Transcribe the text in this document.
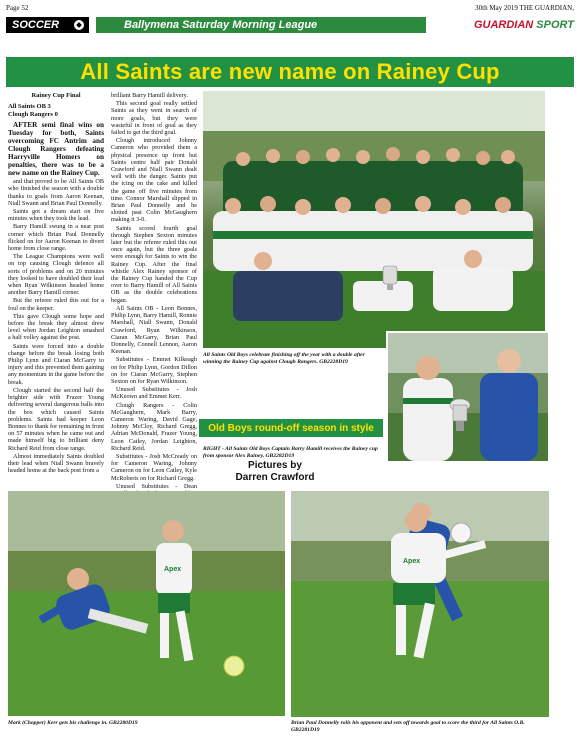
Page 52	30th May 2019 THE GUARDIAN,
SOCCER	Ballymena Saturday Morning League	GUARDIAN SPORT
All Saints are new name on Rainey Cup

Rainey Cup Final

All Saints OB 3
Clough Rangers 0

AFTER semi final wins on Tuesday for both, Saints overcoming FC Antrim and Clough Rangers defeating Harryville Homers on penalties, there was to be a new name on the Rainey Cup.

and that proved to be All Saints OB who finished the season with a double thanks to goals from Aaron Keenan, Niall Swann and Brian Paul Donnelly.

Saints got a dream start on five minutes when they took the lead.

Barry Hamill swung in a near post corner which Brian Paul Donnelly flicked on for Aaron Keenan to divert home from close range.

The League Champions were well on top causing Clough defence all sorts of problems and on 20 minutes they looked to have doubled their lead when Ryan Wilkinson headed home another Barry Hamill corner.

But the referee ruled this out for a foul on the keeper.

This gave Clough some hope and before the break they almost drew level when Jordan Leighton smashed a half volley against the post.

Saints were forced into a double change before the break losing both Philip Lynn and Ciaran McGarry to injury and this prevented them gaining any momentum in the game before the break.

Clough started the second half the brighter side with Frazer Young delivering several dangerous balls into the box which caused Saints problems. Saints had keeper Leon Bonnes to thank for remaining in front on 57 minutes when he came out and made himself big to brilliant deny Richard Reid from close range.

Almost immediately Saints doubled their lead when Niall Swann bravely headed home at the back post from a

brilliant Barry Hamill delivery.

This second goal really settled Saints as they went in search of more goals, but they were wasteful in front of goal as they failed to get the third goal.

Clough introduced Johnny Cameron who provided them a physical presence up front but Saints centre half pair Donald Crawford and Niall Swann dealt well with the danger. Saints put the icing on the cake and killed the game off five minutes from time. Connor Marshall slipped in Brian Paul Donnelly and he slotted past Colin McGaughern making it 3-0.

Saints scored fourth goal through Stephen Sexton minutes later but the referee ruled this out once again, but the three goals were enough for Saints to win the Rainey Cup. After the final whistle Alex Rainey sponsor of the Rainey Cup handed the Cup over to Barry Hamill of All Saints OB as the double celebrations began.

All Saints OB - Leon Bonnes, Philip Lynn, Barry Hamill, Ronnie Marshall, Niall Swann, Donald Crawford, Ryan Wilkinson, Ciaran McGarry, Brian Paul Donnelly, Connell Lennon, Aaron Keenan.

Substitutes - Emmet Kilkeagh on for Philip Lynn, Gordon Dillon on for Ciaran McGarry, Stephen Sexton on for Ryan Wilkinson.

Unused Substitutes - Josh McKeown and Emmet Kerr.

Clough Rangers - Colin McGaughern, Mark Barry, Cameron Waring, David Gage, Johnny McCloy, Richard Gregg, Adrian McDonald, Frazer Young, Leon Catley, Jordan Leighton, Richard Reid.

Substitutes - Josh McCready on for Cameron Waring, Johnny Cameron on for Leon Catley, Kyle McRoberts on for Richard Gregg.

Unused Substitutes - Dean

All Saints Old Boys celebrate finishing off the year with a double after winning the Rainey Cup against Clough Rangers. GB2228D19
Old Boys round-off season in style
RIGHT - All Saints Old Boys Captain Barry Hamill receives the Rainey cup from sponsor Alex Rainey. GB2282D19
Pictures by
Darren Crawford
Apex
Apex
Mark (Chopper) Kerr gets his challenge in. GB2280D19	Brian Paul Donnelly rolls his opponent and sets off towards goal to score the third for All Saints O.B. GB2281D19
